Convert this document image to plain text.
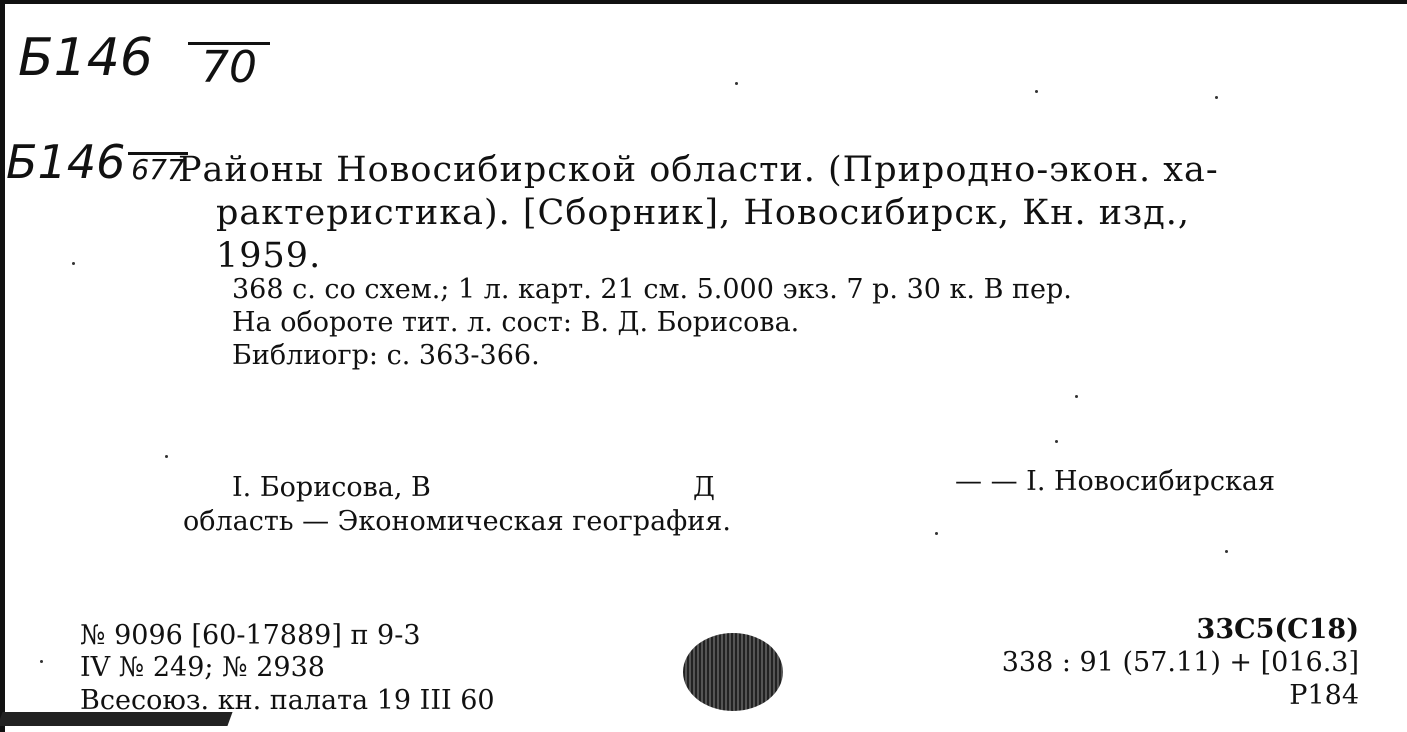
Б146 70
Б146 677
Районы Новосибирской области. (Природно-экон. ха-
рактеристика). [Сборник], Новосибирск, Кн. изд.,
1959.
368 с. со схем.; 1 л. карт. 21 см. 5.000 экз. 7 р. 30 к. В пер.
На обороте тит. л. сост: В. Д. Борисова.
Библиогр: с. 363-366.
I. Борисова, В	Д	— — I. Новосибирская
область — Экономическая география.
№ 9096 [60-17889] п 9-3
IV № 249; № 2938
Всесоюз. кн. палата 19 III 60
33С5(С18)
338 : 91 (57.11) + [016.3]
Р184
